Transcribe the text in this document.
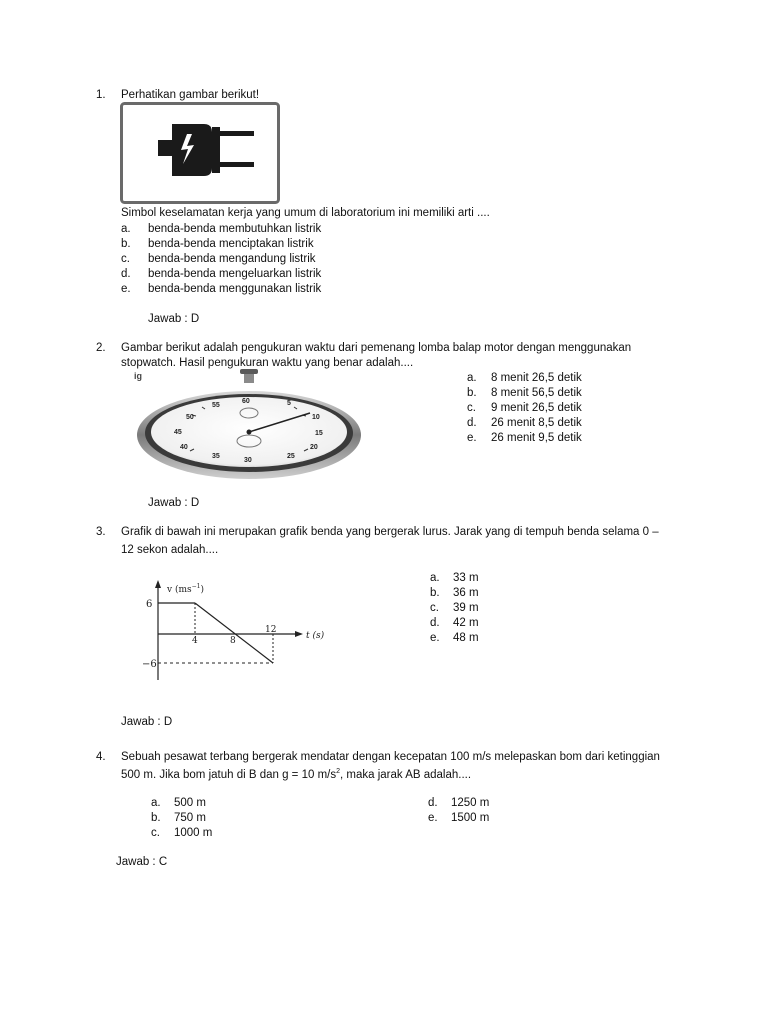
1. Perhatikan gambar berikut!
Simbol keselamatan kerja yang umum di laboratorium ini memiliki arti ....
a. benda-benda membutuhkan listrik
b. benda-benda menciptakan listrik
c. benda-benda mengandung listrik
d. benda-benda mengeluarkan listrik
e. benda-benda menggunakan listrik
Jawab : D
2. Gambar berikut adalah pengukuran waktu dari pemenang lomba balap motor dengan menggunakan
stopwatch. Hasil pengukuran waktu yang benar adalah....
ig
60	5
10
15
20
25
30
35
40
45
50
55
a. 8 menit 26,5 detik
b. 8 menit 56,5 detik
c. 9 menit 26,5 detik
d. 26 menit 8,5 detik
e. 26 menit 9,5 detik
Jawab : D
3. Grafik di bawah ini merupakan grafik benda yang bergerak lurus. Jarak yang di tempuh benda selama 0 –
12 sekon adalah....
v $(ms^{-1})$
t (s)
6
−6
4	8
12
a. 33 m
b. 36 m
c. 39 m
d. 42 m
e. 48 m
Jawab : D
4. Sebuah pesawat terbang bergerak mendatar dengan kecepatan 100 m/s melepaskan bom dari ketinggian
500 m. Jika bom jatuh di B dan g = 10 $m/s^2$, maka jarak AB adalah....
a. 500 m
b. 750 m
c. 1000 m
d. 1250 m
e. 1500 m
Jawab : C
